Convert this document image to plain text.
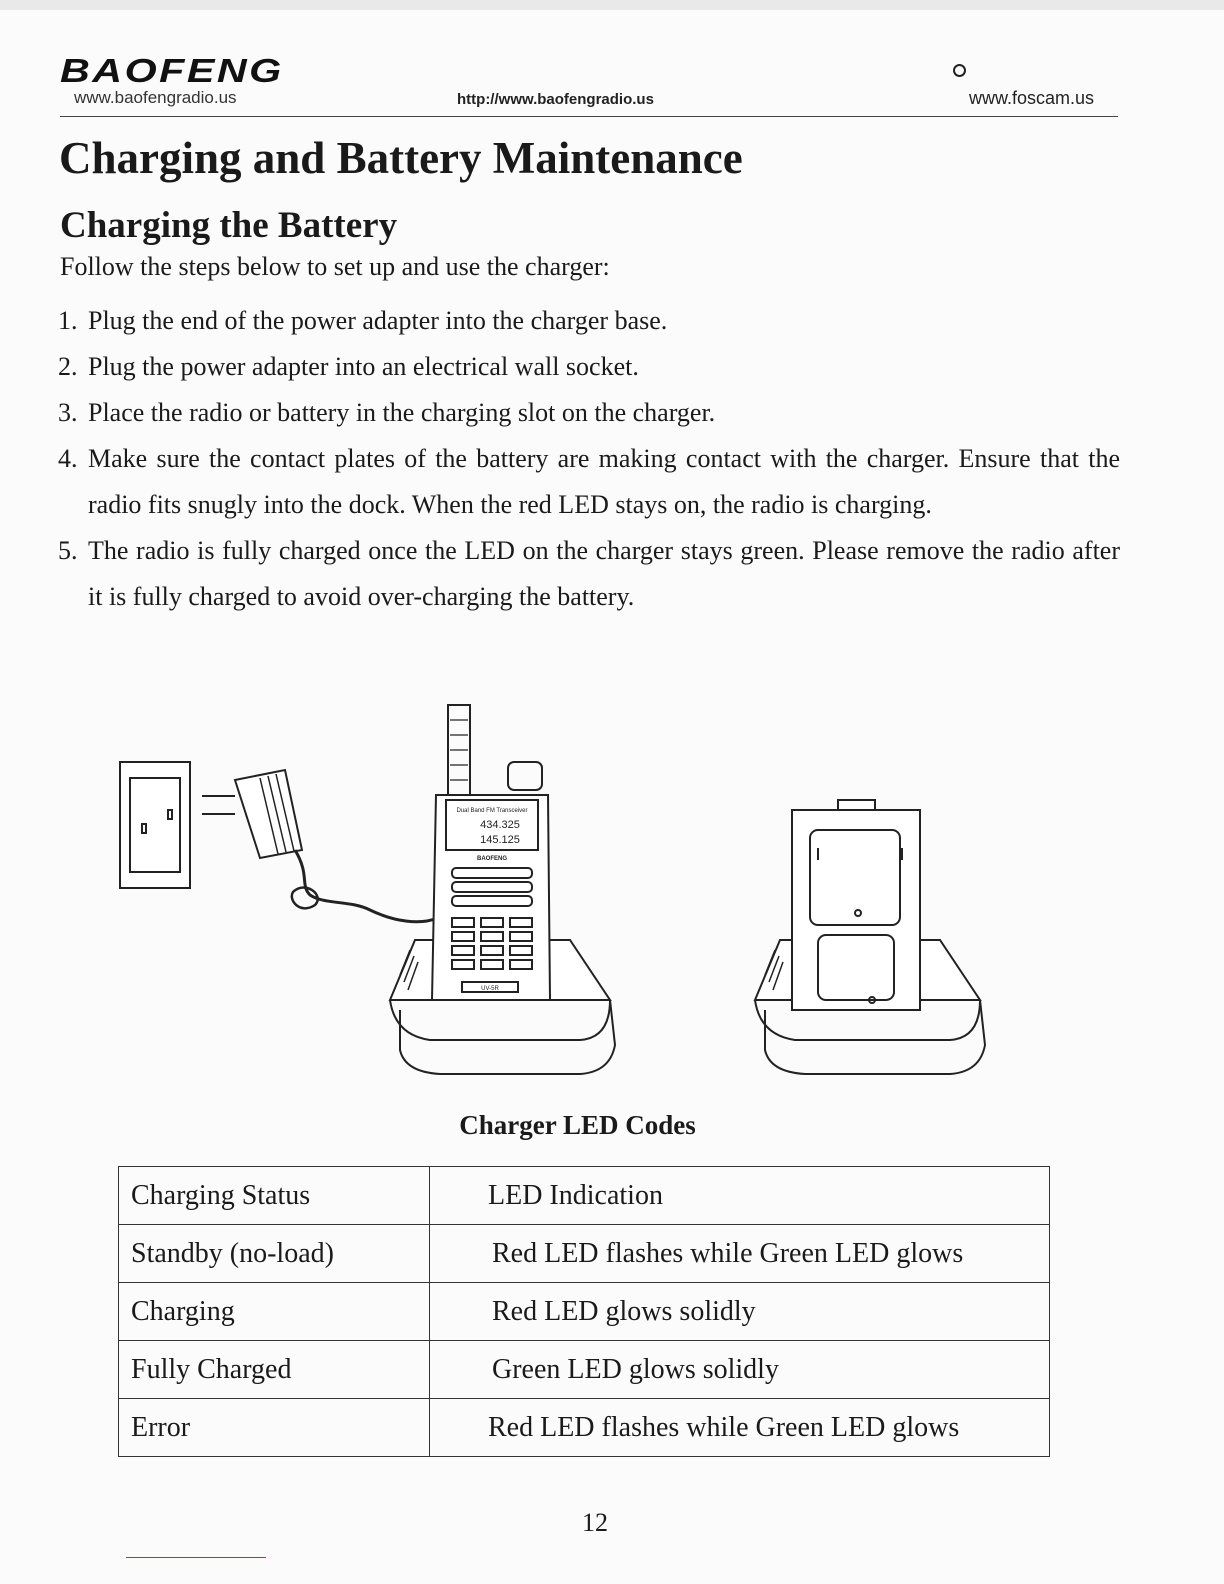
BAOFENG
www.baofengradio.us	http://www.baofengradio.us	www.foscam.us
Charging and Battery Maintenance
Charging the Battery

Follow the steps below to set up and use the charger:

1. Plug the end of the power adapter into the charger base.
2. Plug the power adapter into an electrical wall socket.
3. Place the radio or battery in the charging slot on the charger.
4. Make sure the contact plates of the battery are making contact with the charger. Ensure that the radio fits snugly into the dock. When the red LED stays on, the radio is charging.
5. The radio is fully charged once the LED on the charger stays green. Please remove the radio after it is fully charged to avoid over-charging the battery.
Dual Band FM Transceiver
434.325
145.125
BAOFENG
UV-5R
Charger LED Codes
Charging Status	LED Indication
Standby (no-load)	Red LED flashes while Green LED glows
Charging	Red LED glows solidly
Fully Charged	Green LED glows solidly
Error	Red LED flashes while Green LED glows
12
